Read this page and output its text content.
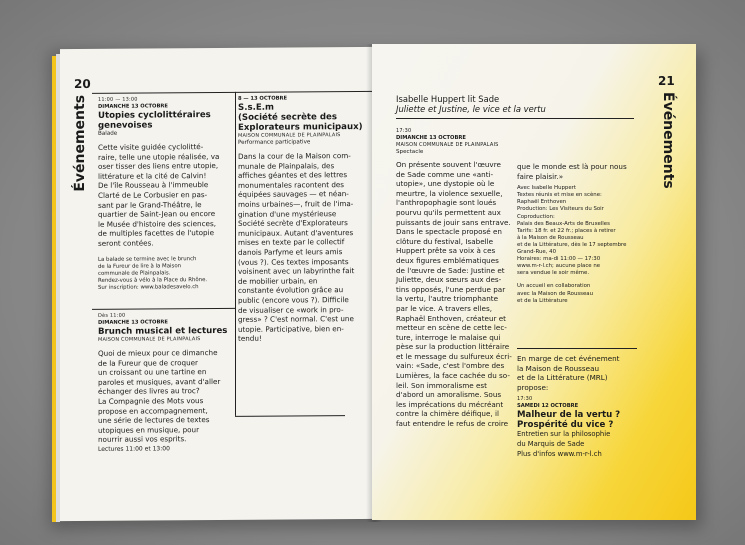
20
Événements 11:00 — 13:00
DIMANCHE 13 OCTOBRE
Utopies cyclolittéraires
genevoises
Balade
Cette visite guidée cyclolitté-
raire, telle une utopie réalisée, va
oser tisser des liens entre utopie,
littérature et la cité de Calvin!
De l'île Rousseau à l'immeuble
Clarté de Le Corbusier en pas-
sant par le Grand-Théâtre, le
quartier de Saint-Jean ou encore
le Musée d'histoire des sciences,
de multiples facettes de l'utopie
seront contées.
La balade se termine avec le brunch
de la Fureur de lire à la Maison
communale de Plainpalais.
Rendez-vous à vélo à la Place du Rhône.
Sur inscription: www.baladesavelo.ch
Dès 11:00
DIMANCHE 13 OCTOBRE
Brunch musical et lectures
MAISON COMMUNALE DE PLAINPALAIS
Quoi de mieux pour ce dimanche
de la Fureur que de croquer
un croissant ou une tartine en
paroles et musiques, avant d'aller
échanger des livres au troc?
La Compagnie des Mots vous
propose en accompagnement,
une série de lectures de textes
utopiques en musique, pour
nourrir aussi vos esprits.
Lectures 11:00 et 13:00
8 — 13 OCTOBRE
S.s.E.m
(Société secrète des
Explorateurs municipaux)
MAISON COMMUNALE DE PLAINPALAIS
Performance participative
Dans la cour de la Maison com-
munale de Plainpalais, des
affiches géantes et des lettres
monumentales racontent des
équipées sauvages — et néan-
moins urbaines—, fruit de l'ima-
gination d'une mystérieuse
Société secrète d'Explorateurs
municipaux. Autant d'aventures
mises en texte par le collectif
danois Parfyme et leurs amis
(vous ?). Ces textes imposants
voisinent avec un labyrinthe fait
de mobilier urbain, en
constante évolution grâce au
public (encore vous ?). Difficile
de visualiser ce «work in pro-
gress» ? C'est normal. C'est une
utopie. Participative, bien en-
tendu!
21
Événements
Isabelle Huppert lit Sade
Juliette et Justine, le vice et la vertu
17:30
DIMANCHE 13 OCTOBRE
MAISON COMMUNALE DE PLAINPALAIS
Spectacle
On présente souvent l'œuvre
de Sade comme une «anti-
utopie», une dystopie où le
meurtre, la violence sexuelle,
l'anthropophagie sont loués
pourvu qu'ils permettent aux
puissants de jouir sans entrave.
Dans le spectacle proposé en
clôture du festival, Isabelle
Huppert prête sa voix à ces
deux figures emblématiques
de l'œuvre de Sade: Justine et
Juliette, deux sœurs aux des-
tins opposés, l'une perdue par
la vertu, l'autre triomphante
par le vice. A travers elles,
Raphaël Enthoven, créateur et
metteur en scène de cette lec-
ture, interroge le malaise qui
pèse sur la production littéraire
et le message du sulfureux écri-
vain: «Sade, c'est l'ombre des
Lumières, la face cachée du so-
leil. Son immoralisme est
d'abord un amoralisme. Sous
les imprécations du mécréant
contre la chimère déifique, il
faut entendre le refus de croire
que le monde est là pour nous
faire plaisir.»
Avec Isabelle Huppert
Textes réunis et mise en scène:
Raphaël Enthoven
Production: Les Visiteurs du Soir
Coproduction:
Palais des Beaux-Arts de Bruxelles
Tarifs: 18 fr. et 22 fr.; places à retirer
à la Maison de Rousseau
et de la Littérature, dès le 17 septembre
Grand-Rue, 40
Horaires: ma-di 11:00 — 17:30
www.m-r-l.ch; aucune place ne
sera vendue le soir même.
Un accueil en collaboration
avec la Maison de Rousseau
et de la Littérature
En marge de cet événement
la Maison de Rousseau
et de la Littérature (MRL)
propose:
17:30
SAMEDI 12 OCTOBRE
Malheur de la vertu ?
Prospérité du vice ?
Entretien sur la philosophie
du Marquis de Sade
Plus d'infos www.m-r-l.ch
